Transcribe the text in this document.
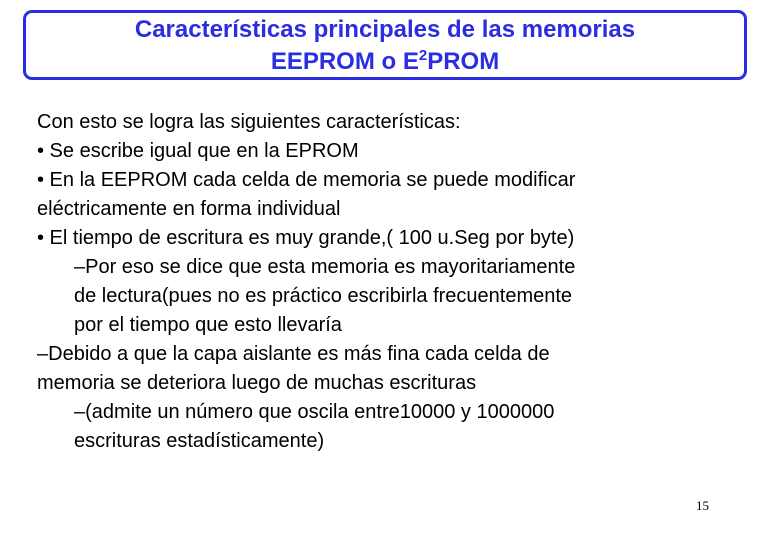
Características principales de las memorias
EEPROM o $E^2PROM$
Con esto se logra las siguientes características:
• Se escribe igual que en la EPROM
• En la EEPROM cada celda de memoria se puede modificar
eléctricamente en forma individual
• El tiempo de escritura es muy grande,( 100 u.Seg por byte)
–Por eso se dice que esta memoria es mayoritariamente
de lectura(pues no es práctico escribirla frecuentemente
por el tiempo que esto llevaría
–Debido a que la capa aislante es más fina cada celda de
memoria se deteriora luego de muchas escrituras
–(admite un número que oscila entre10000 y 1000000
escrituras estadísticamente)
15
